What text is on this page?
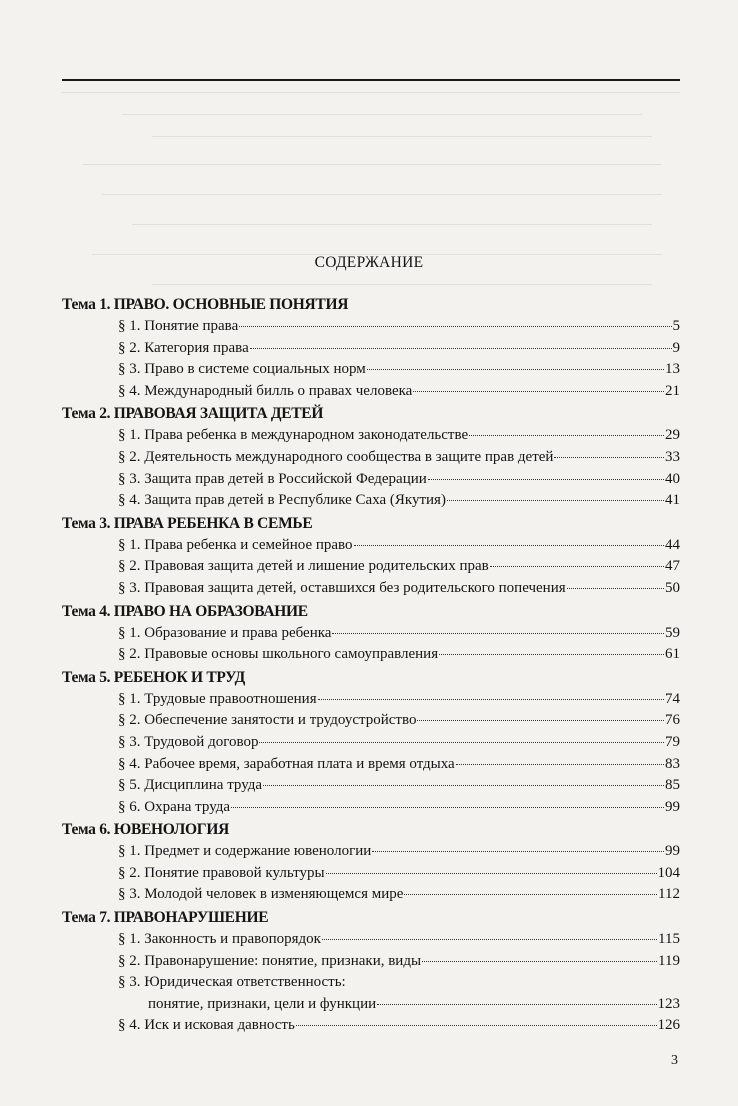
СОДЕРЖАНИЕ
Тема 1. ПРАВО. ОСНОВНЫЕ ПОНЯТИЯ
§ 1. Понятие права	5
§ 2. Категория права	9
§ 3. Право в системе социальных норм	13
§ 4. Международный билль о правах человека	21
Тема 2. ПРАВОВАЯ ЗАЩИТА ДЕТЕЙ
§ 1. Права ребенка в международном законодательстве	29
§ 2. Деятельность международного сообщества в защите прав детей	33
§ 3. Защита прав детей в Российской Федерации	40
§ 4. Защита прав детей в Республике Саха (Якутия)	41
Тема 3. ПРАВА РЕБЕНКА В СЕМЬЕ
§ 1. Права ребенка и семейное право	44
§ 2. Правовая защита детей и лишение родительских прав	47
§ 3. Правовая защита детей, оставшихся без родительского попечения	50
Тема 4. ПРАВО НА ОБРАЗОВАНИЕ
§ 1. Образование и права ребенка	59
§ 2. Правовые основы школьного самоуправления	61
Тема 5. РЕБЕНОК И ТРУД
§ 1. Трудовые правоотношения	74
§ 2. Обеспечение занятости и трудоустройство	76
§ 3. Трудовой договор	79
§ 4. Рабочее время, заработная плата и время отдыха	83
§ 5. Дисциплина труда	85
§ 6. Охрана труда	99
Тема 6. ЮВЕНОЛОГИЯ
§ 1. Предмет и содержание ювенологии	99
§ 2. Понятие правовой культуры	104
§ 3. Молодой человек в изменяющемся мире	112
Тема 7. ПРАВОНАРУШЕНИЕ
§ 1. Законность и правопорядок	115
§ 2. Правонарушение: понятие, признаки, виды	119
§ 3. Юридическая ответственность:
понятие, признаки, цели и функции	123
§ 4. Иск и исковая давность	126
3
